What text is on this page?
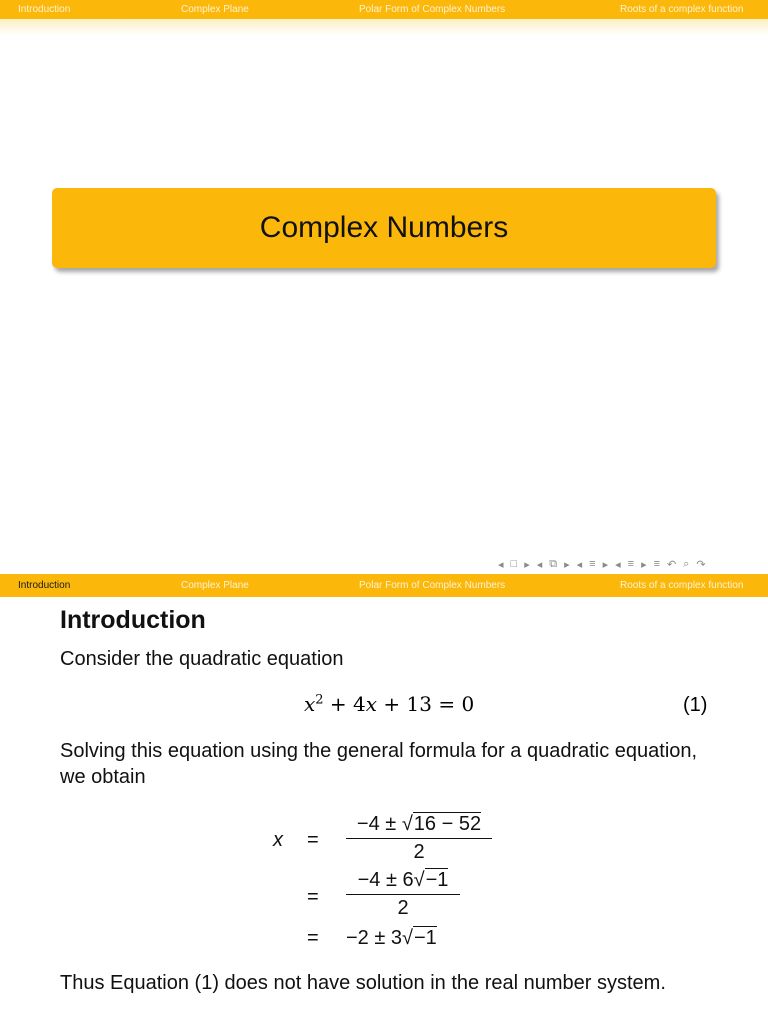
Introduction	Complex Plane	Polar Form of Complex Numbers	Roots of a complex function
Complex Numbers
◂ □ ▸ ◂ ⧉ ▸ ◂ ≡ ▸ ◂ ≡ ▸ ≡ ↶ ⌕ ↷
Introduction	Complex Plane	Polar Form of Complex Numbers	Roots of a complex function
Introduction
Consider the quadratic equation
$x^2 + 4x + 13 = 0$	(1)
Solving this equation using the general formula for a quadratic equation, we obtain
x =
−4 ± √16 − 52
2
=
−4 ± 6√−1
2
= −2 ± 3√−1
Thus Equation (1) does not have solution in the real number system.
